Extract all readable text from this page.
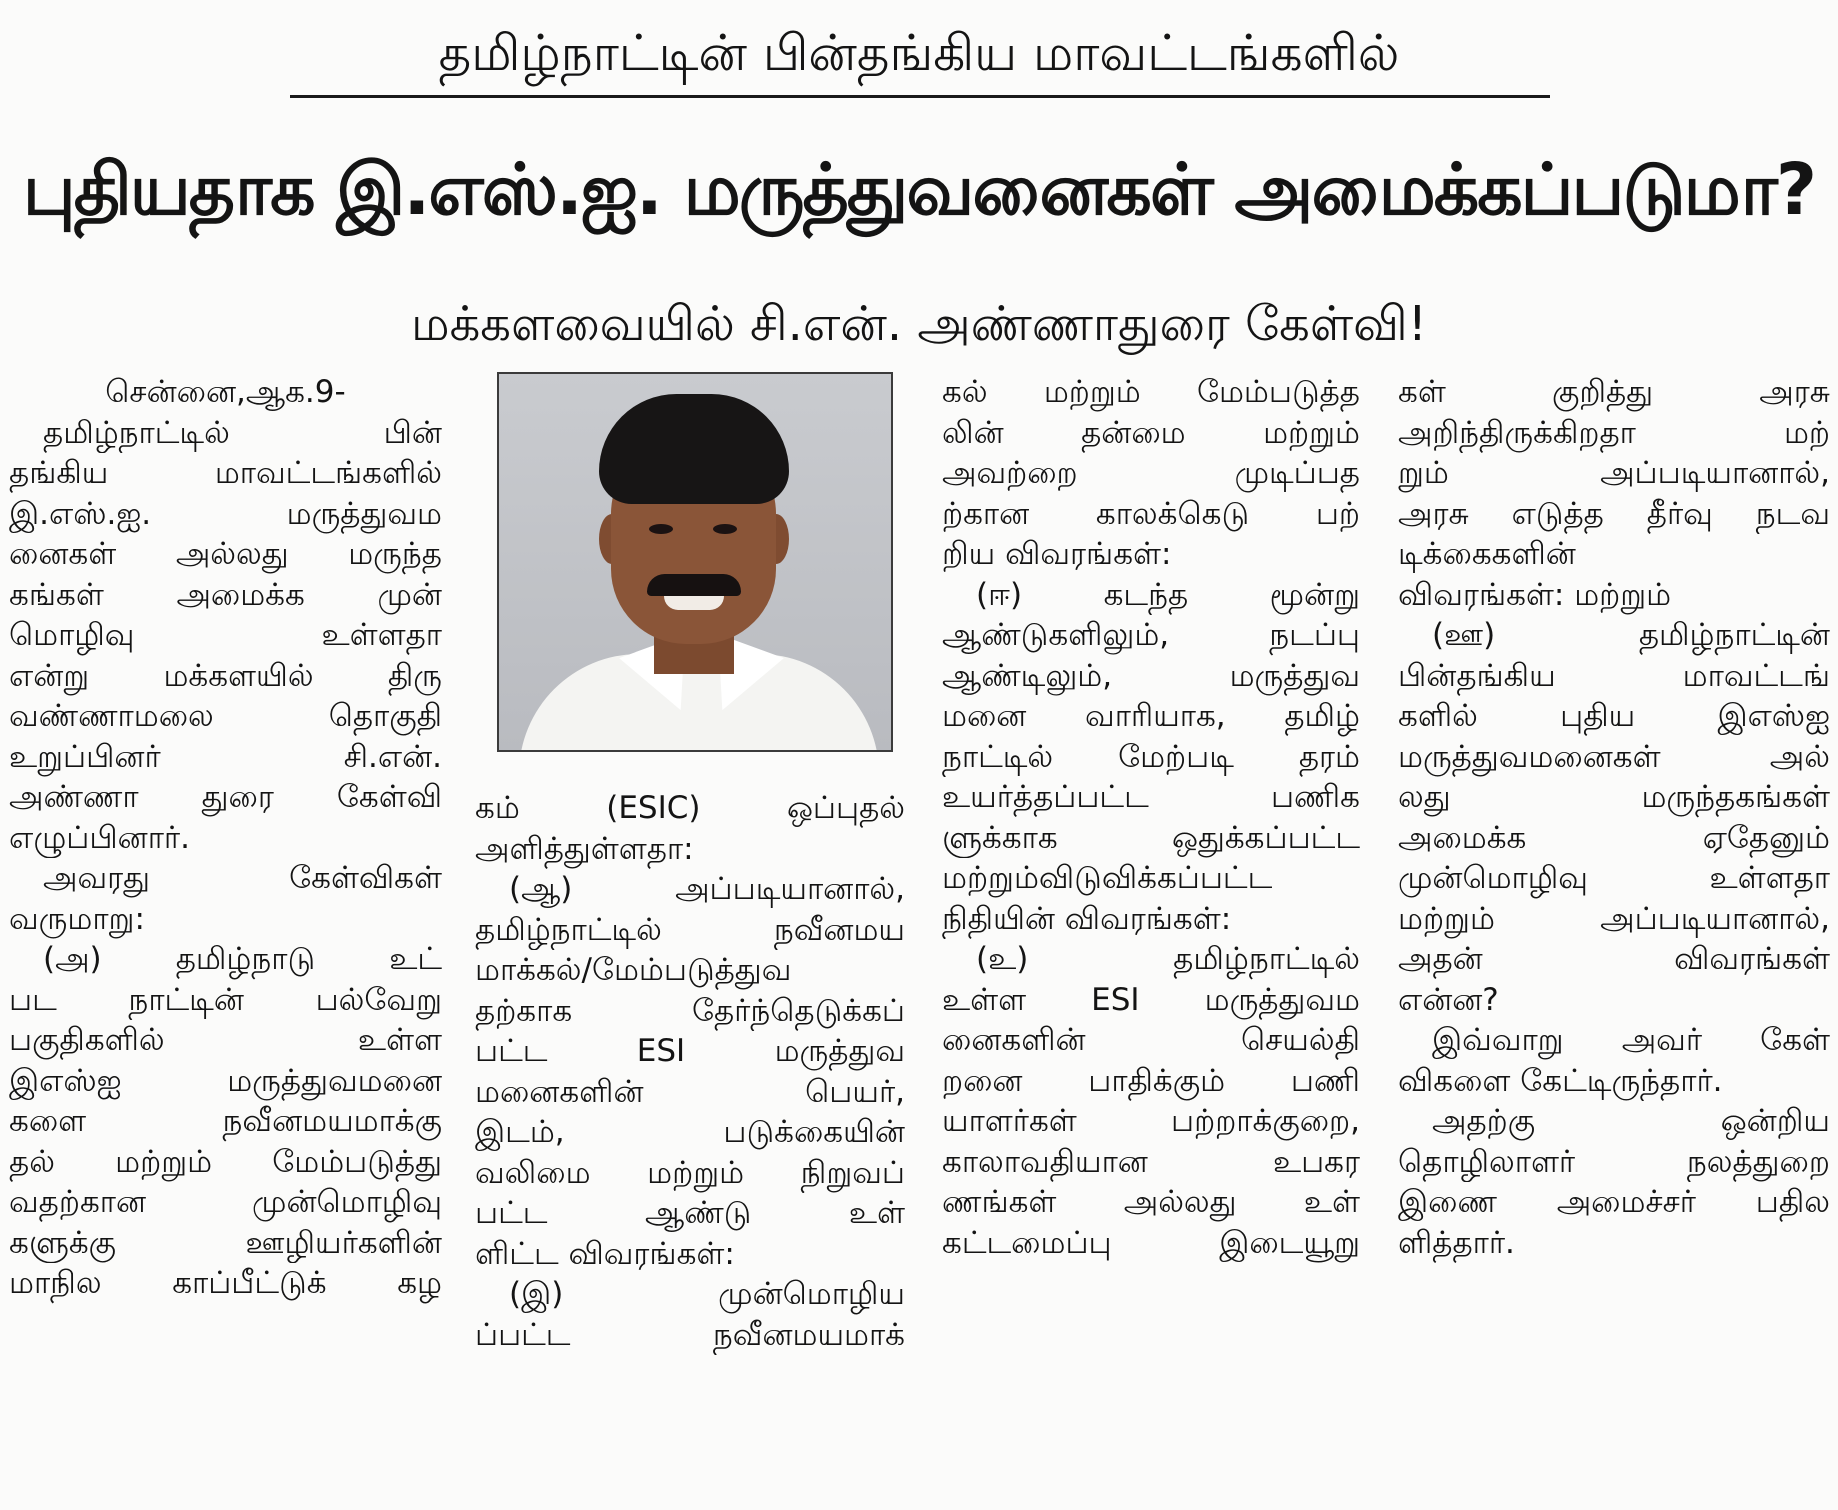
தமிழ்நாட்டின் பின்தங்கிய மாவட்டங்களில்
புதியதாக இ.எஸ்.ஐ. மருத்துவனைகள் அமைக்கப்படுமா?
மக்களவையில் சி.என். அண்ணாதுரை கேள்வி!
சென்னை,ஆக.9-
தமிழ்நாட்டில் பின்
தங்கிய மாவட்டங்களில்
இ.எஸ்.ஐ. மருத்துவம
னைகள் அல்லது மருந்த
கங்கள் அமைக்க முன்
மொழிவு உள்ளதா
என்று மக்களயில் திரு
வண்ணாமலை தொகுதி
உறுப்பினர் சி.என்.
அண்ணா துரை கேள்வி
எழுப்பினார்.
அவரது கேள்விகள்
வருமாறு:
(அ) தமிழ்நாடு உட்
பட நாட்டின் பல்வேறு
பகுதிகளில் உள்ள
இஎஸ்ஐ மருத்துவமனை
களை நவீனமயமாக்கு
தல் மற்றும் மேம்படுத்து
வதற்கான முன்மொழிவு
களுக்கு ஊழியர்களின்
மாநில காப்பீட்டுக் கழ
கம் (ESIC) ஒப்புதல்
அளித்துள்ளதா:
(ஆ) அப்படியானால்,
தமிழ்நாட்டில் நவீனமய
மாக்கல்/மேம்படுத்துவ
தற்காக தேர்ந்தெடுக்கப்
பட்ட ESI மருத்துவ
மனைகளின் பெயர்,
இடம், படுக்கையின்
வலிமை மற்றும் நிறுவப்
பட்ட ஆண்டு உள்
ளிட்ட விவரங்கள்:
(இ) முன்மொழிய
ப்பட்ட நவீனமயமாக்
கல் மற்றும் மேம்படுத்த
லின் தன்மை மற்றும்
அவற்றை முடிப்பத
ற்கான காலக்கெடு பற்
றிய விவரங்கள்:
(ஈ) கடந்த மூன்று
ஆண்டுகளிலும், நடப்பு
ஆண்டிலும், மருத்துவ
மனை வாரியாக, தமிழ்
நாட்டில் மேற்படி தரம்
உயர்த்தப்பட்ட பணிக
ளுக்காக ஒதுக்கப்பட்ட
மற்றும்விடுவிக்கப்பட்ட
நிதியின் விவரங்கள்:
(உ) தமிழ்நாட்டில்
உள்ள ESI மருத்துவம
னைகளின் செயல்தி
றனை பாதிக்கும் பணி
யாளர்கள் பற்றாக்குறை,
காலாவதியான உபகர
ணங்கள் அல்லது உள்
கட்டமைப்பு இடையூறு
கள் குறித்து அரசு
அறிந்திருக்கிறதா மற்
றும் அப்படியானால்,
அரசு எடுத்த தீர்வு நடவ
டிக்கைகளின்
விவரங்கள்: மற்றும்
(ஊ) தமிழ்நாட்டின்
பின்தங்கிய மாவட்டங்
களில் புதிய இஎஸ்ஐ
மருத்துவமனைகள் அல்
லது மருந்தகங்கள்
அமைக்க ஏதேனும்
முன்மொழிவு உள்ளதா
மற்றும் அப்படியானால்,
அதன் விவரங்கள்
என்ன?
இவ்வாறு அவர் கேள்
விகளை கேட்டிருந்தார்.
அதற்கு ஒன்றிய
தொழிலாளர் நலத்துறை
இணை அமைச்சர் பதில
ளித்தார்.
